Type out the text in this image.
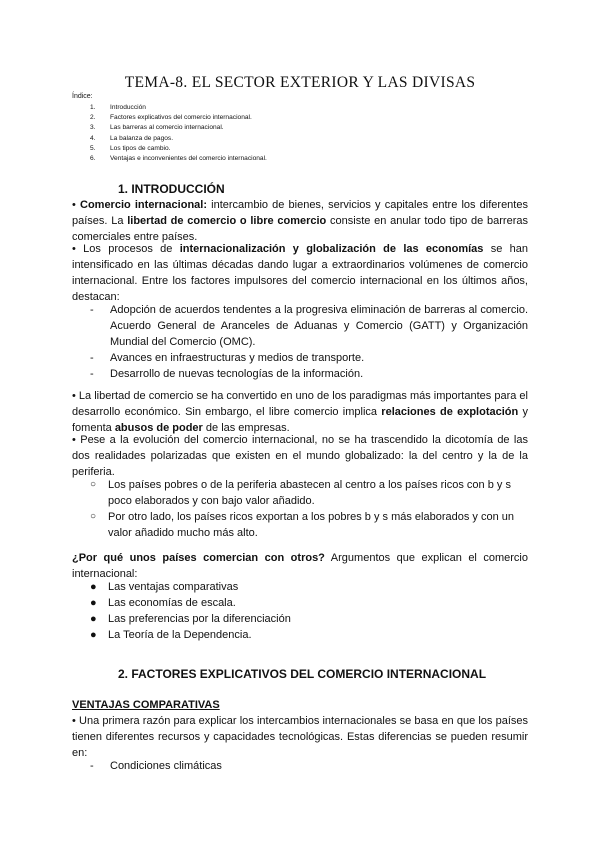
TEMA-8. EL SECTOR EXTERIOR Y LAS DIVISAS
Índice:
1.	Introducción
2.	Factores explicativos del comercio internacional.
3.	Las barreras al comercio internacional.
4.	La balanza de pagos.
5.	Los tipos de cambio.
6.	Ventajas e inconvenientes del comercio internacional.
1. INTRODUCCIÓN

• Comercio internacional: intercambio de bienes, servicios y capitales entre los diferentes países. La libertad de comercio o libre comercio consiste en anular todo tipo de barreras comerciales entre países.

• Los procesos de internacionalización y globalización de las economías se han intensificado en las últimas décadas dando lugar a extraordinarios volúmenes de comercio internacional. Entre los factores impulsores del comercio internacional en los últimos años, destacan:

-	Adopción de acuerdos tendentes a la progresiva eliminación de barreras al comercio. Acuerdo General de Aranceles de Aduanas y Comercio (GATT) y Organización Mundial del Comercio (OMC).
-	Avances en infraestructuras y medios de transporte.
-	Desarrollo de nuevas tecnologías de la información.

• La libertad de comercio se ha convertido en uno de los paradigmas más importantes para el desarrollo económico. Sin embargo, el libre comercio implica relaciones de explotación y fomenta abusos de poder de las empresas.

• Pese a la evolución del comercio internacional, no se ha trascendido la dicotomía de las dos realidades polarizadas que existen en el mundo globalizado: la del centro y la de la periferia.

○	Los países pobres o de la periferia abastecen al centro a los países ricos con b y s poco elaborados y con bajo valor añadido.
○	Por otro lado, los países ricos exportan a los pobres b y s más elaborados y con un valor añadido mucho más alto.

¿Por qué unos países comercian con otros? Argumentos que explican el comercio internacional:

●	Las ventajas comparativas
●	Las economías de escala.
●	Las preferencias por la diferenciación
●	La Teoría de la Dependencia.
2. FACTORES EXPLICATIVOS DEL COMERCIO INTERNACIONAL
VENTAJAS COMPARATIVAS

• Una primera razón para explicar los intercambios internacionales se basa en que los países tienen diferentes recursos y capacidades tecnológicas. Estas diferencias se pueden resumir en:

-	Condiciones climáticas
